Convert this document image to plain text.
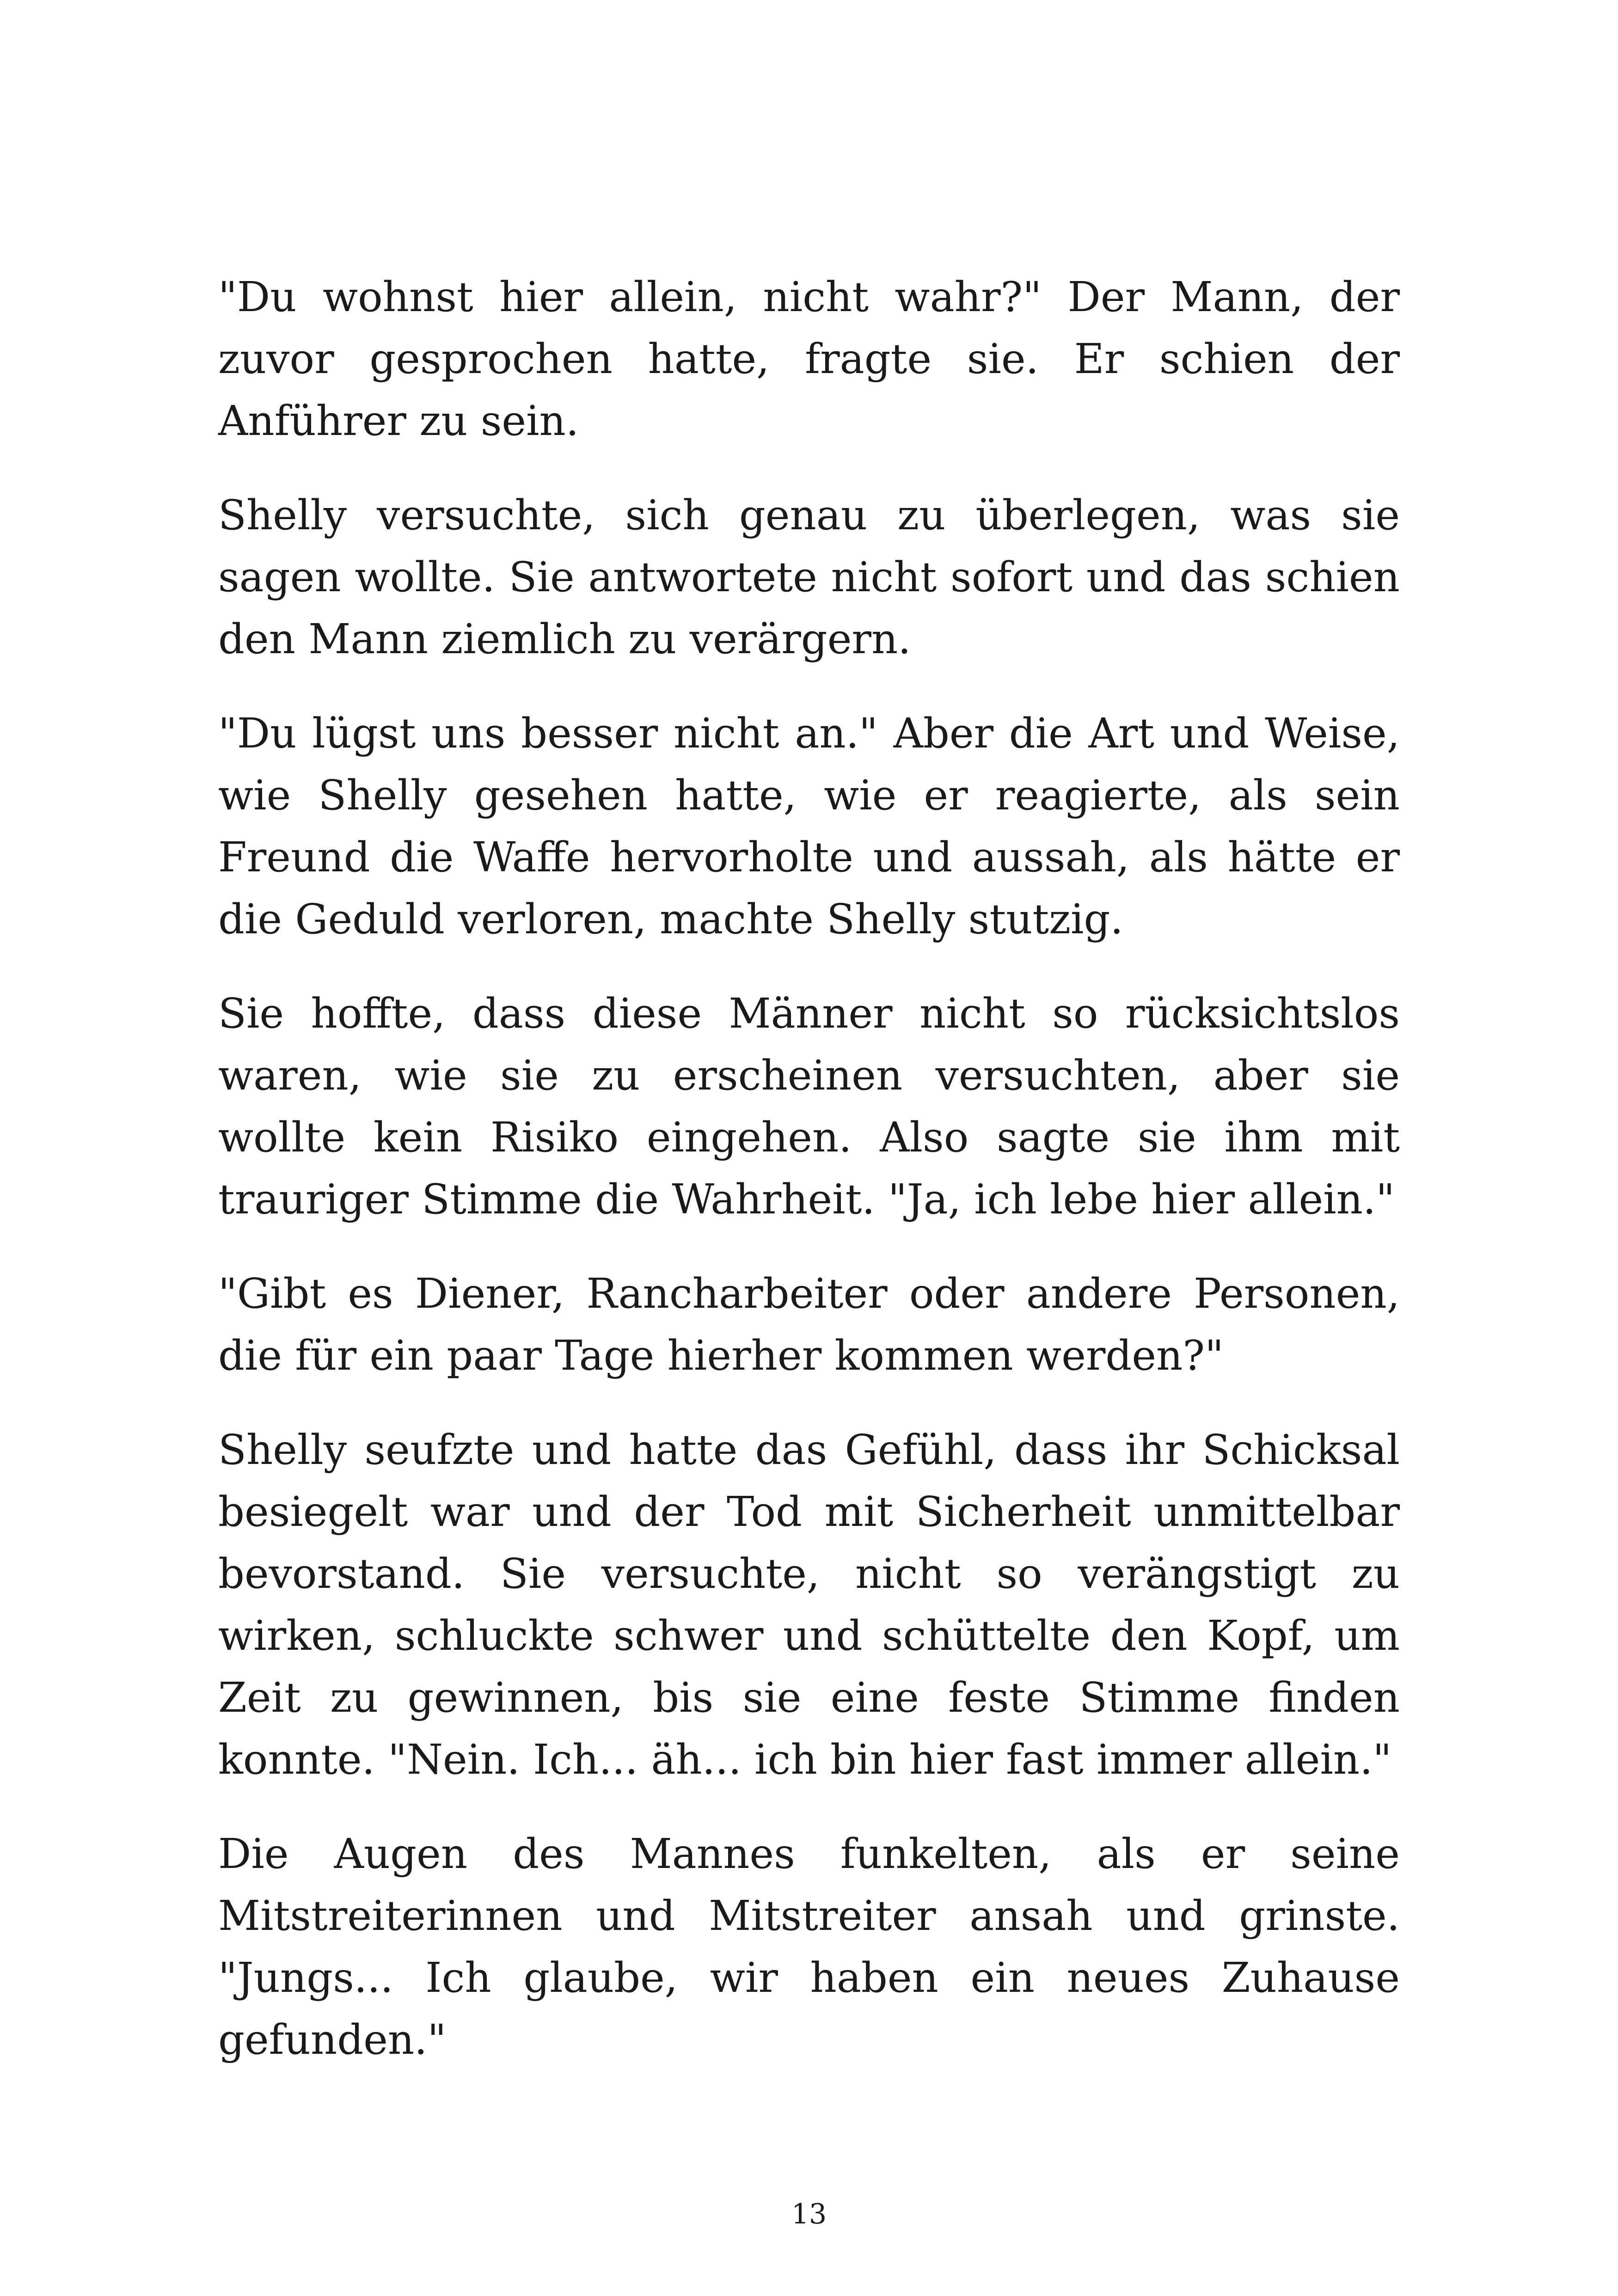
"Du wohnst hier allein, nicht wahr?" Der Mann, der zuvor gesprochen hatte, fragte sie. Er schien der Anführer zu sein.

Shelly versuchte, sich genau zu überlegen, was sie sagen wollte. Sie antwortete nicht sofort und das schien den Mann ziemlich zu verärgern.

"Du lügst uns besser nicht an." Aber die Art und Weise, wie Shelly gesehen hatte, wie er reagierte, als sein Freund die Waffe hervorholte und aussah, als hätte er die Geduld verloren, machte Shelly stutzig.

Sie hoffte, dass diese Männer nicht so rücksichtslos waren, wie sie zu erscheinen versuchten, aber sie wollte kein Risiko eingehen. Also sagte sie ihm mit trauriger Stimme die Wahrheit. "Ja, ich lebe hier allein."

"Gibt es Diener, Rancharbeiter oder andere Personen, die für ein paar Tage hierher kommen werden?"

Shelly seufzte und hatte das Gefühl, dass ihr Schicksal besiegelt war und der Tod mit Sicherheit unmittelbar bevorstand. Sie versuchte, nicht so verängstigt zu wirken, schluckte schwer und schüttelte den Kopf, um Zeit zu gewinnen, bis sie eine feste Stimme finden konnte. "Nein. Ich... äh... ich bin hier fast immer allein."

Die Augen des Mannes funkelten, als er seine Mitstreiterinnen und Mitstreiter ansah und grinste. "Jungs... Ich glaube, wir haben ein neues Zuhause gefunden."

13
